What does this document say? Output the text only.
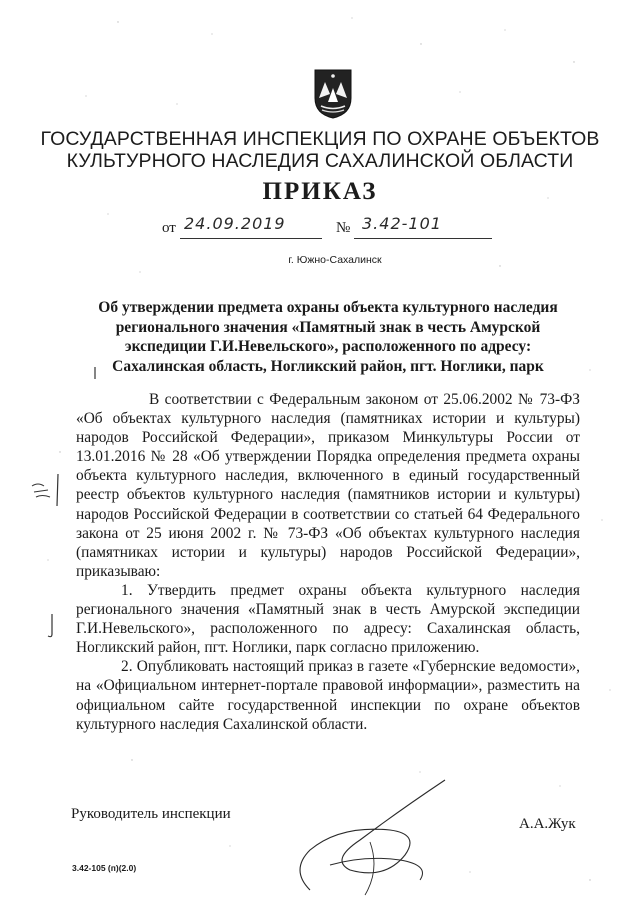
ГОСУДАРСТВЕННАЯ ИНСПЕКЦИЯ ПО ОХРАНЕ ОБЪЕКТОВ
КУЛЬТУРНОГО НАСЛЕДИЯ САХАЛИНСКОЙ ОБЛАСТИ
ПРИКАЗ
от 24.09.2019	№ 3.42-101
г. Южно-Сахалинск
Об утверждении предмета охраны объекта культурного наследия регионального значения «Памятный знак в честь Амурской экспедиции Г.И.Невельского», расположенного по адресу: Сахалинская область, Ногликский район, пгт. Ноглики, парк

В соответствии с Федеральным законом от 25.06.2002 № 73-ФЗ «Об объектах культурного наследия (памятниках истории и культуры) народов Российской Федерации», приказом Минкультуры России от 13.01.2016 № 28 «Об утверждении Порядка определения предмета охраны объекта культурного наследия, включенного в единый государственный реестр объектов культурного наследия (памятников истории и культуры) народов Российской Федерации в соответствии со статьей 64 Федерального закона от 25 июня 2002 г. № 73-ФЗ «Об объектах культурного наследия (памятниках истории и культуры) народов Российской Федерации», приказываю:

1. Утвердить предмет охраны объекта культурного наследия регионального значения «Памятный знак в честь Амурской экспедиции Г.И.Невельского», расположенного по адресу: Сахалинская область, Ногликский район, пгт. Ноглики, парк согласно приложению.

2. Опубликовать настоящий приказ в газете «Губернские ведомости», на «Официальном интернет-портале правовой информации», разместить на официальном сайте государственной инспекции по охране объектов культурного наследия Сахалинской области.

Руководитель инспекции
А.А.Жук
3.42-105 (п)(2.0)
